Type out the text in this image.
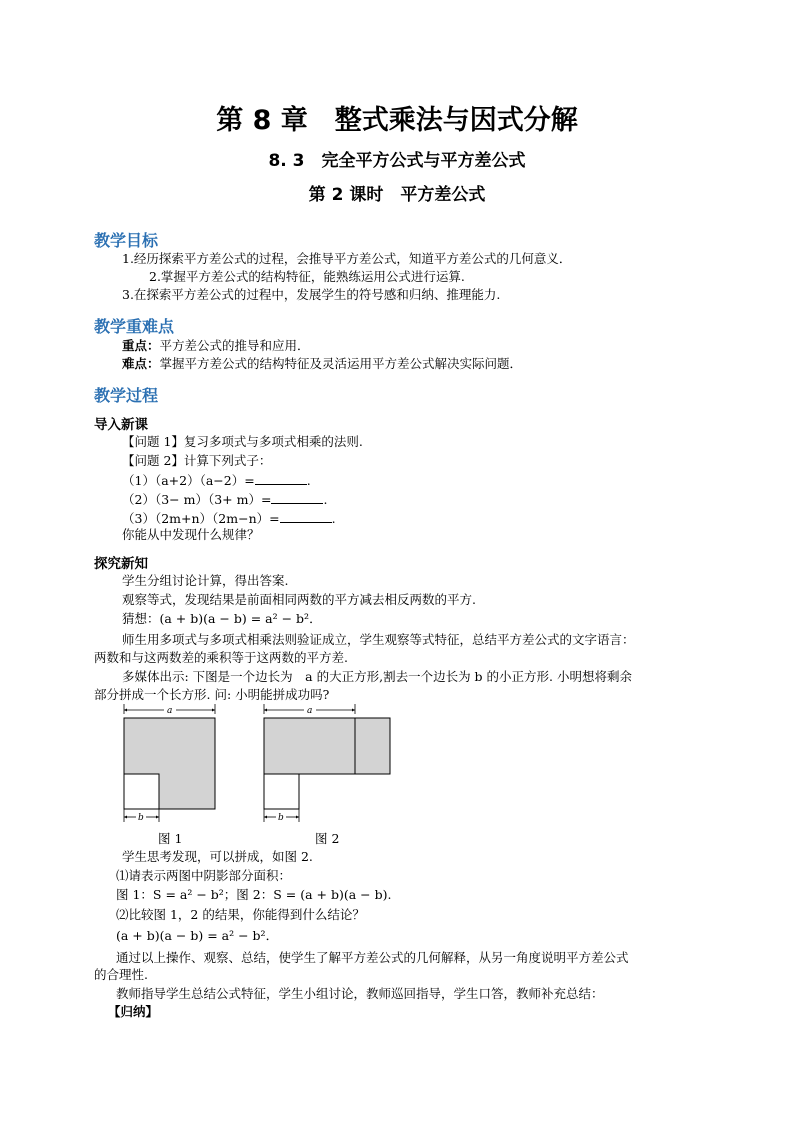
第 8 章　整式乘法与因式分解
8. 3　完全平方公式与平方差公式
第 2 课时　平方差公式
教学目标
1.经历探索平方差公式的过程，会推导平方差公式，知道平方差公式的几何意义．
2.掌握平方差公式的结构特征，能熟练运用公式进行运算.
3.在探索平方差公式的过程中，发展学生的符号感和归纳、推理能力.
教学重难点
重点：平方差公式的推导和应用．
难点：掌握平方差公式的结构特征及灵活运用平方差公式解决实际问题．
教学过程
导入新课
【问题 1】复习多项式与多项式相乘的法则.
【问题 2】计算下列式子：
（1）（a+2）（a−2）=	.
（2）（3− m）（3+ m）=	.
（3）（2m+n）（2m−n）=	.
你能从中发现什么规律？
探究新知
学生分组讨论计算，得出答案.
观察等式，发现结果是前面相同两数的平方减去相反两数的平方.
猜想：(a + b)(a − b) = a² − b²．
师生用多项式与多项式相乘法则验证成立，学生观察等式特征，总结平方差公式的文字语言：
两数和与这两数差的乘积等于这两数的平方差.
多媒体出示: 下图是一个边长为　a 的大正方形,割去一个边长为 b 的小正方形. 小明想将剩余
部分拼成一个长方形. 问: 小明能拼成功吗?
a
b
a
b
图 1	图 2
学生思考发现，可以拼成，如图 2.
⑴请表示两图中阴影部分面积：
图 1：S = a² − b²；图 2：S = (a + b)(a − b).
⑵比较图 1，2 的结果，你能得到什么结论？
(a + b)(a − b) = a² − b²．
通过以上操作、观察、总结，使学生了解平方差公式的几何解释，从另一角度说明平方差公式
的合理性.
教师指导学生总结公式特征，学生小组讨论，教师巡回指导，学生口答，教师补充总结：
【归纳】
